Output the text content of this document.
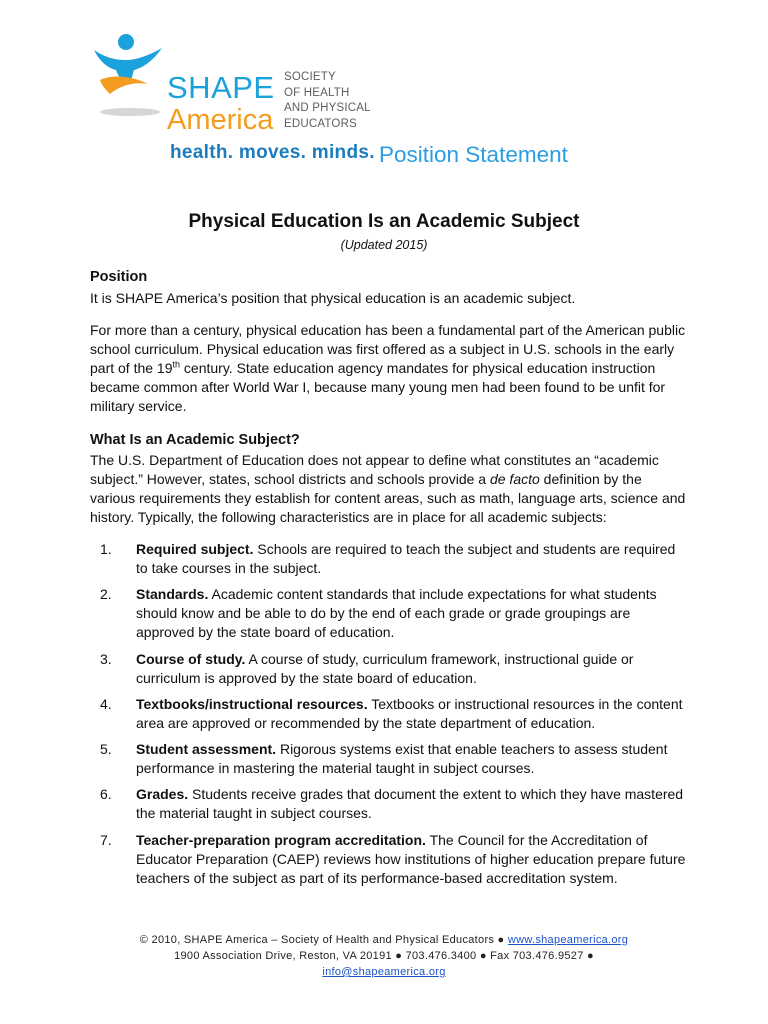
SHAPE
America
SOCIETY
OF HEALTH
AND PHYSICAL
EDUCATORS
health. moves. minds. Position Statement
Physical Education Is an Academic Subject
(Updated 2015)
Position
It is SHAPE America’s position that physical education is an academic subject.
For more than a century, physical education has been a fundamental part of the American public school curriculum. Physical education was first offered as a subject in U.S. schools in the early part of the 19th century. State education agency mandates for physical education instruction became common after World War I, because many young men had been found to be unfit for military service.
What Is an Academic Subject?
The U.S. Department of Education does not appear to define what constitutes an “academic subject.” However, states, school districts and schools provide a de facto definition by the various requirements they establish for content areas, such as math, language arts, science and history. Typically, the following characteristics are in place for all academic subjects:
1.	Required subject. Schools are required to teach the subject and students are required to take courses in the subject.
2.	Standards. Academic content standards that include expectations for what students should know and be able to do by the end of each grade or grade groupings are approved by the state board of education.
3.	Course of study. A course of study, curriculum framework, instructional guide or curriculum is approved by the state board of education.
4.	Textbooks/instructional resources. Textbooks or instructional resources in the content area are approved or recommended by the state department of education.
5.	Student assessment. Rigorous systems exist that enable teachers to assess student performance in mastering the material taught in subject courses.
6.	Grades. Students receive grades that document the extent to which they have mastered the material taught in subject courses.
7.	Teacher-preparation program accreditation. The Council for the Accreditation of Educator Preparation (CAEP) reviews how institutions of higher education prepare future teachers of the subject as part of its performance-based accreditation system.
© 2010, SHAPE America – Society of Health and Physical Educators ● www.shapeamerica.org
1900 Association Drive, Reston, VA 20191 ● 703.476.3400 ● Fax 703.476.9527 ●
info@shapeamerica.org
